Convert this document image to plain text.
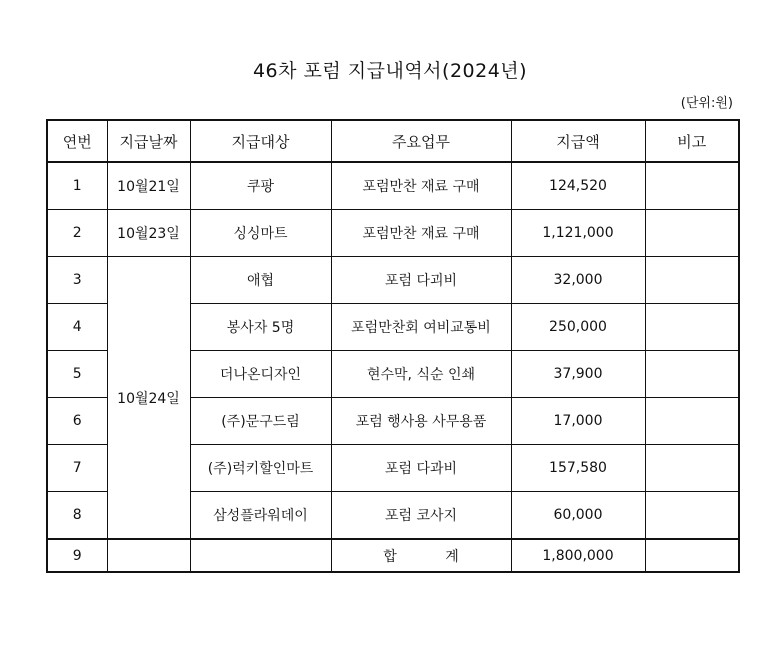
46차 포럼 지급내역서(2024년)
(단위:원)
연번	지급날짜	지급대상	주요업무	지급액	비고
1	10월21일	쿠팡	포럼만찬 재료 구매	124,520	
2	10월23일	싱싱마트	포럼만찬 재료 구매	1,121,000	
3	10월24일	애협	포럼 다괴비	32,000	
4		봉사자 5명	포럼만찬회 여비교통비	250,000	
5		더나온디자인	현수막, 식순 인쇄	37,900	
6		(주)문구드림	포럼 행사용 사무용품	17,000	
7		(주)럭키할인마트	포럼 다과비	157,580	
8		삼성플라워데이	포럼 코사지	60,000	
9			합 계	1,800,000	
